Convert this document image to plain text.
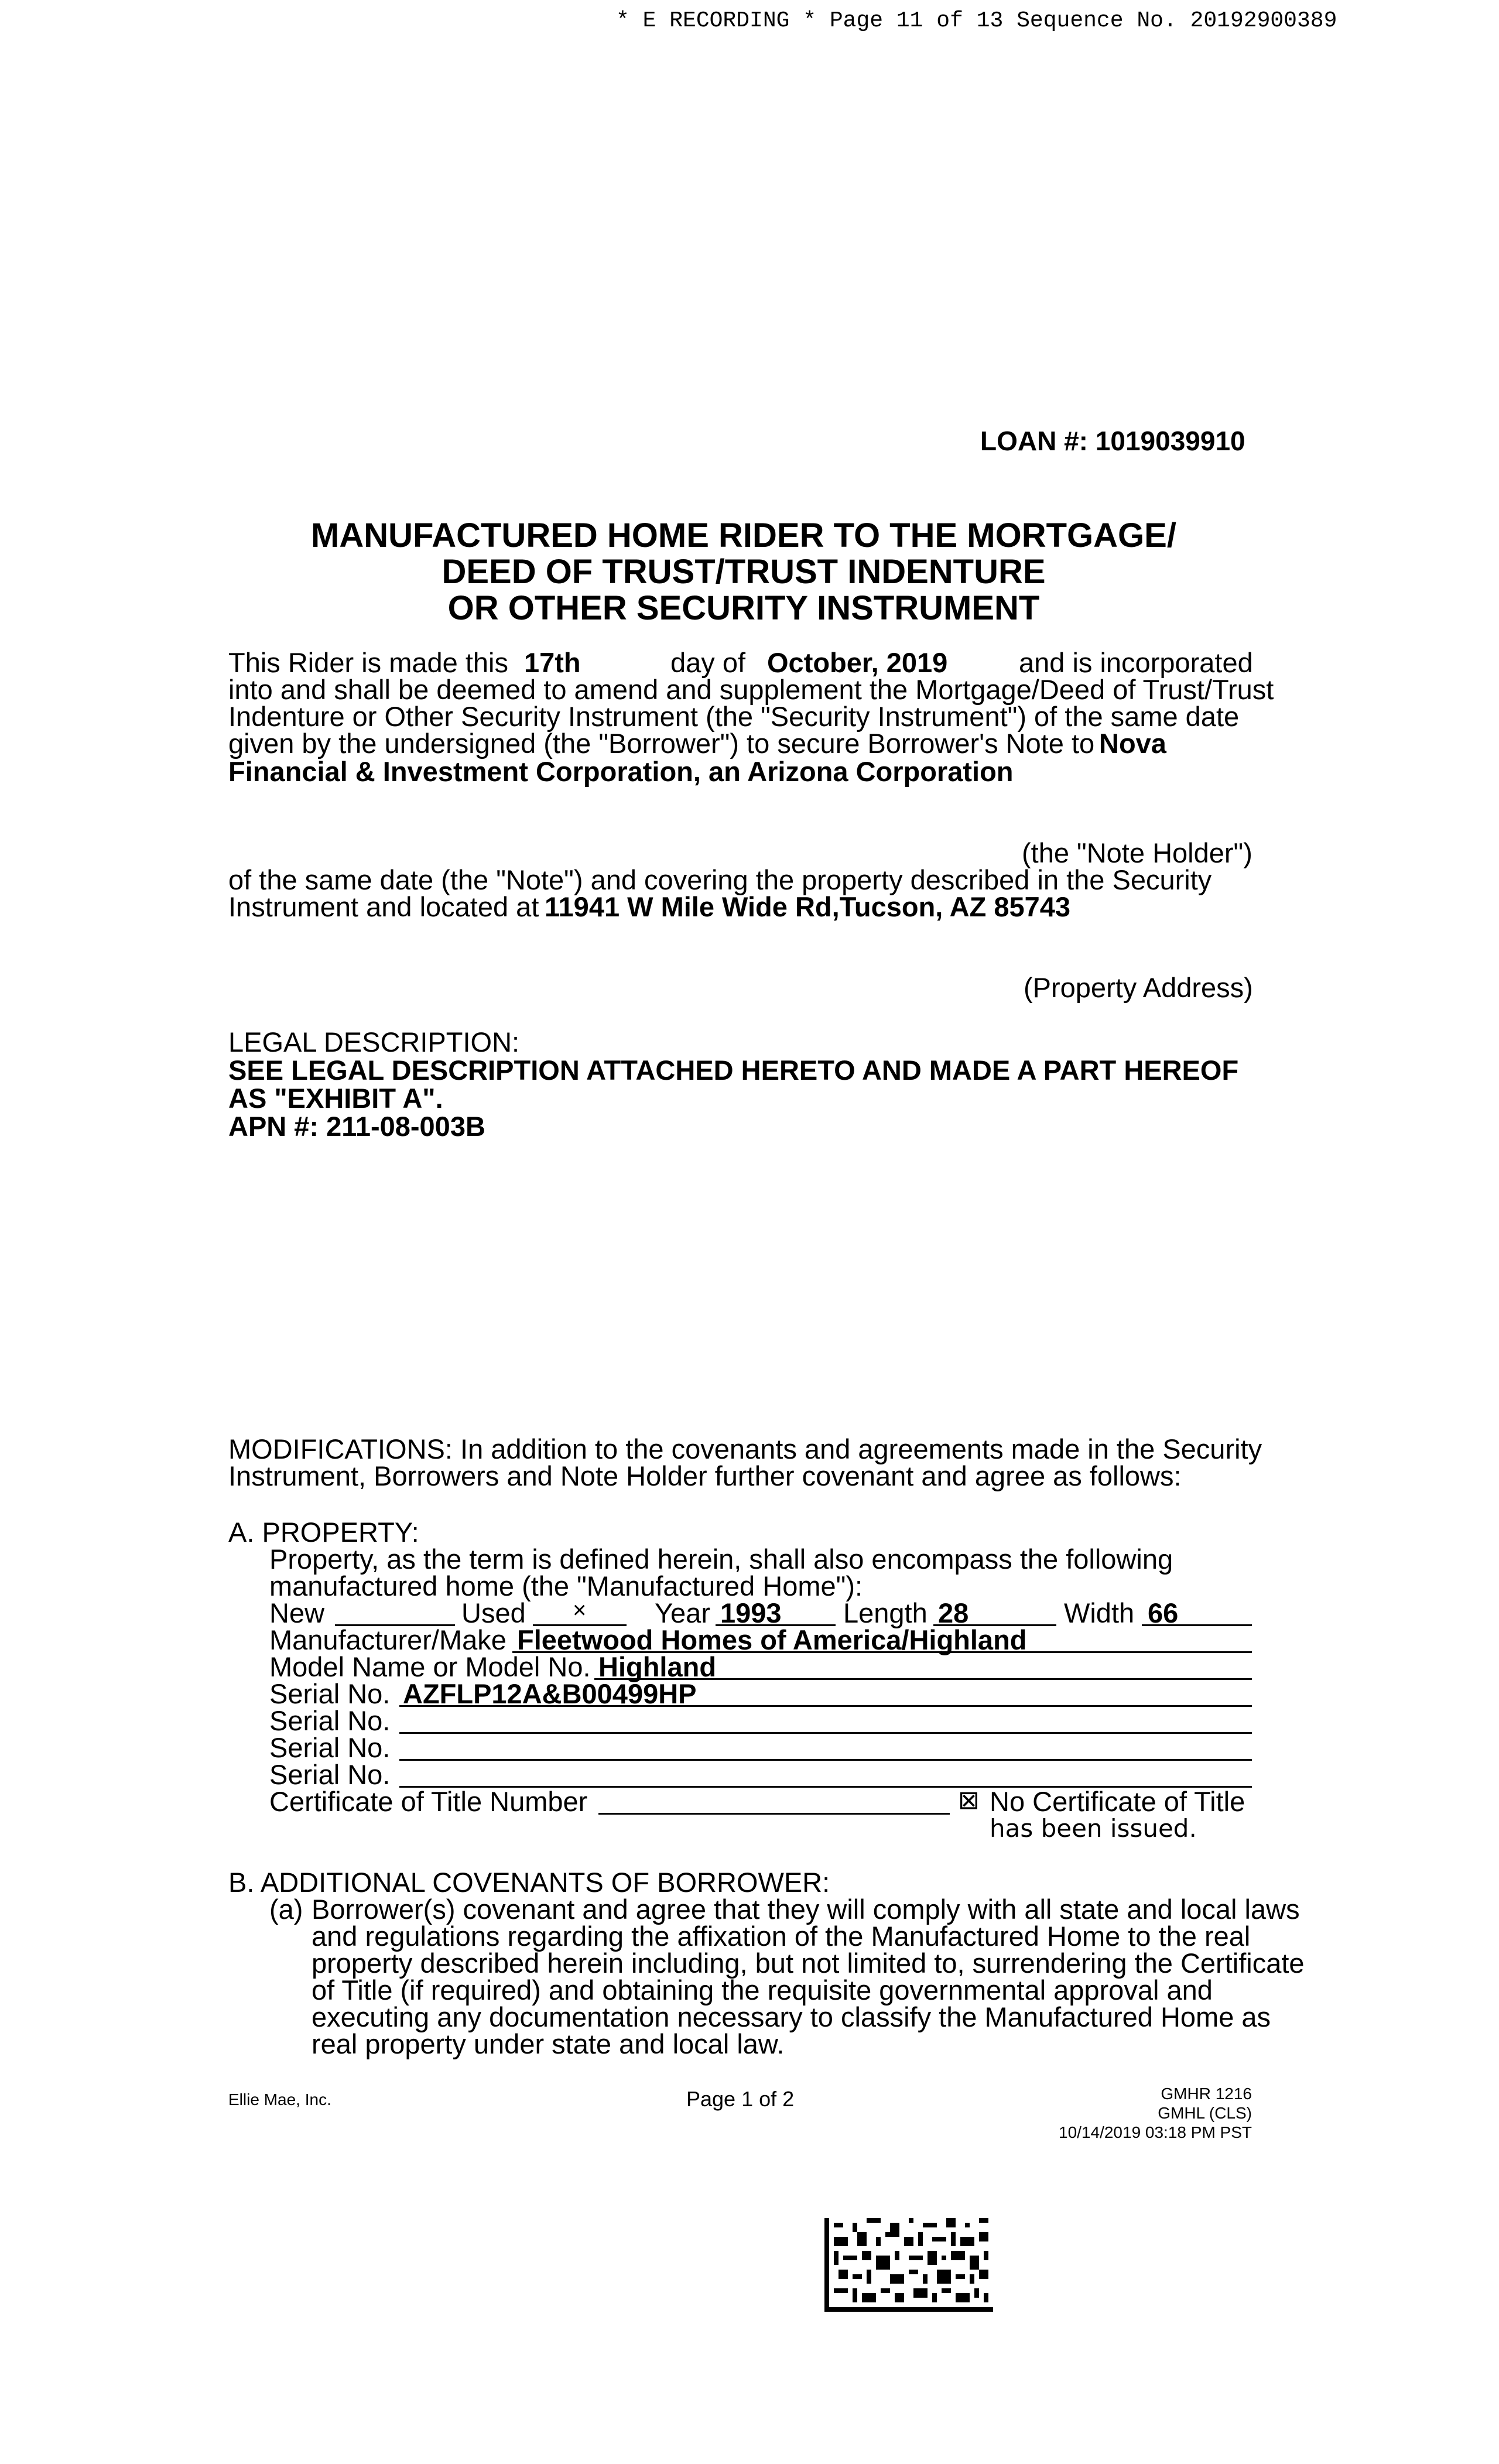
* E RECORDING * Page 11 of 13 Sequence No. 20192900389
LOAN #: 1019039910
MANUFACTURED HOME RIDER TO THE MORTGAGE/
DEED OF TRUST/TRUST INDENTURE
OR OTHER SECURITY INSTRUMENT
This Rider is made this 17th	day of October, 2019	and is incorporated
into and shall be deemed to amend and supplement the Mortgage/Deed of Trust/Trust
Indenture or Other Security Instrument (the "Security Instrument") of the same date
given by the undersigned (the "Borrower") to secure Borrower's Note to Nova
Financial & Investment Corporation, an Arizona Corporation
(the "Note Holder")
of the same date (the "Note") and covering the property described in the Security
Instrument and located at 11941 W Mile Wide Rd,Tucson, AZ 85743
(Property Address)
LEGAL DESCRIPTION:
SEE LEGAL DESCRIPTION ATTACHED HERETO AND MADE A PART HEREOF
AS "EXHIBIT A".
APN #: 211-08-003B
MODIFICATIONS: In addition to the covenants and agreements made in the Security
Instrument, Borrowers and Note Holder further covenant and agree as follows:
A. PROPERTY:
Property, as the term is defined herein, shall also encompass the following
manufactured home (the "Manufactured Home"):
New	Used × Year 1993 Length 28	Width 66
Manufacturer/Make Fleetwood Homes of America/Highland
Model Name or Model No. Highland
Serial No. AZFLP12A&B00499HP
Serial No.
Serial No.
Serial No.
Certificate of Title Number	⊠ No Certificate of Title
has been issued.
B. ADDITIONAL COVENANTS OF BORROWER:
(a) Borrower(s) covenant and agree that they will comply with all state and local laws
and regulations regarding the affixation of the Manufactured Home to the real
property described herein including, but not limited to, surrendering the Certificate
of Title (if required) and obtaining the requisite governmental approval and
executing any documentation necessary to classify the Manufactured Home as
real property under state and local law.
Ellie Mae, Inc.	Page 1 of 2	GMHR 1216
GMHL (CLS)
10/14/2019 03:18 PM PST
